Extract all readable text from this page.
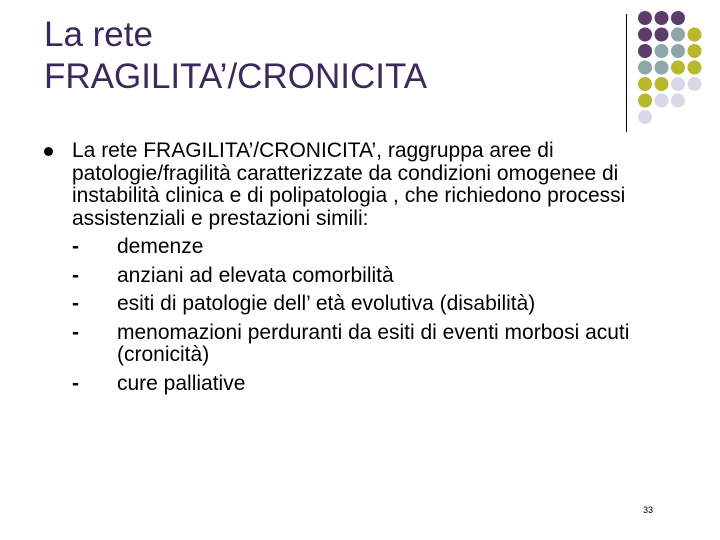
La rete
FRAGILITA’/CRONICITA

La rete FRAGILITA’/CRONICITA’, raggruppa aree di patologie/fragilità caratterizzate da condizioni omogenee di instabilità clinica e di polipatologia , che richiedono processi assistenziali e prestazioni simili:

- demenze
- anziani ad elevata comorbilità
- esiti di patologie dell’ età evolutiva (disabilità)
- menomazioni perduranti da esiti di eventi morbosi acuti (cronicità)
- cure palliative
33
